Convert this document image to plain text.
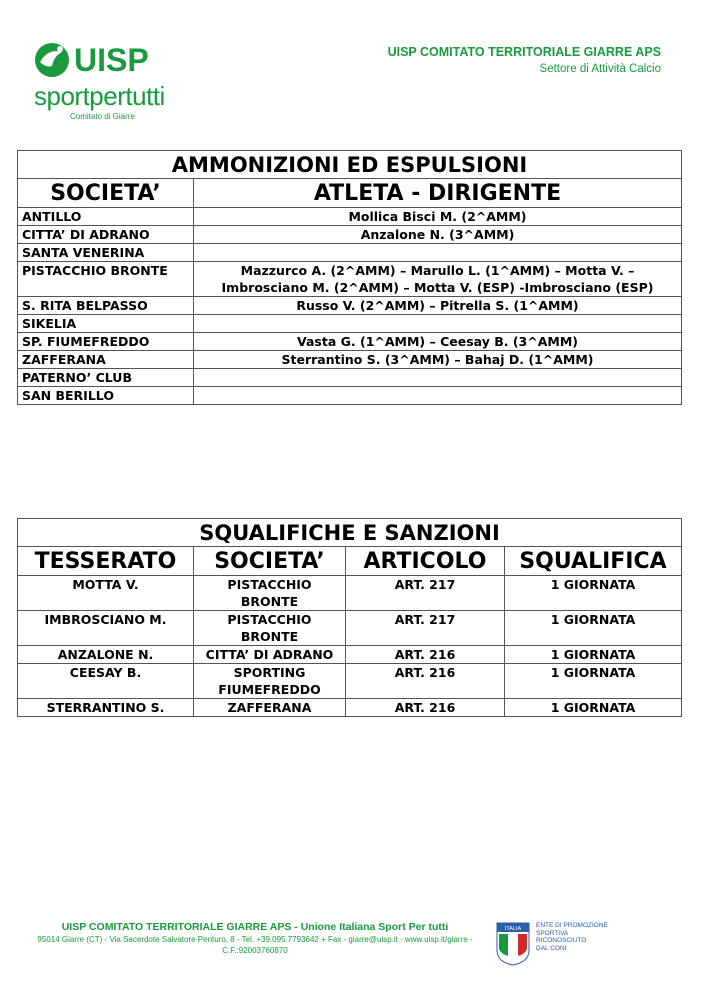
UISP
sportpertutti
Comitato di Giarre
UISP COMITATO TERRITORIALE GIARRE APS
Settore di Attività Calcio
AMMONIZIONI ED ESPULSIONI	
SOCIETA’	ATLETA - DIRIGENTE
ANTILLO	Mollica Bisci M. (2^AMM)
CITTA’ DI ADRANO	Anzalone N. (3^AMM)
SANTA VENERINA	
PISTACCHIO BRONTE	Mazzurco A. (2^AMM) – Marullo L. (1^AMM) – Motta V. – Imbrosciano M. (2^AMM) – Motta V. (ESP) -Imbrosciano (ESP)
S. RITA BELPASSO	Russo V. (2^AMM) – Pitrella S. (1^AMM)
SIKELIA	
SP. FIUMEFREDDO	Vasta G. (1^AMM) – Ceesay B. (3^AMM)
ZAFFERANA	Sterrantino S. (3^AMM) – Bahaj D. (1^AMM)
PATERNO’ CLUB	
SAN BERILLO	
SQUALIFICHE E SANZIONI			
TESSERATO	SOCIETA’	ARTICOLO	SQUALIFICA
MOTTA V.	PISTACCHIO BRONTE	ART. 217	1 GIORNATA
IMBROSCIANO M.	PISTACCHIO BRONTE	ART. 217	1 GIORNATA
ANZALONE N.	CITTA’ DI ADRANO	ART. 216	1 GIORNATA
CEESAY B.	SPORTING FIUMEFREDDO	ART. 216	1 GIORNATA
STERRANTINO S.	ZAFFERANA	ART. 216	1 GIORNATA
UISP COMITATO TERRITORIALE GIARRE APS - Unione Italiana Sport Per tutti
95014 Giarre (CT) - Via Sacerdote Salvatore Penturo, 8 - Tel. +39.095.7793642 + Fax - giarre@uisp.it - www.uisp.it/giarre - C.F.:92003760870
ITALIA ENTE DI PROMOZIONE
SPORTIVA
RICONOSCIUTO
DAL CONI
